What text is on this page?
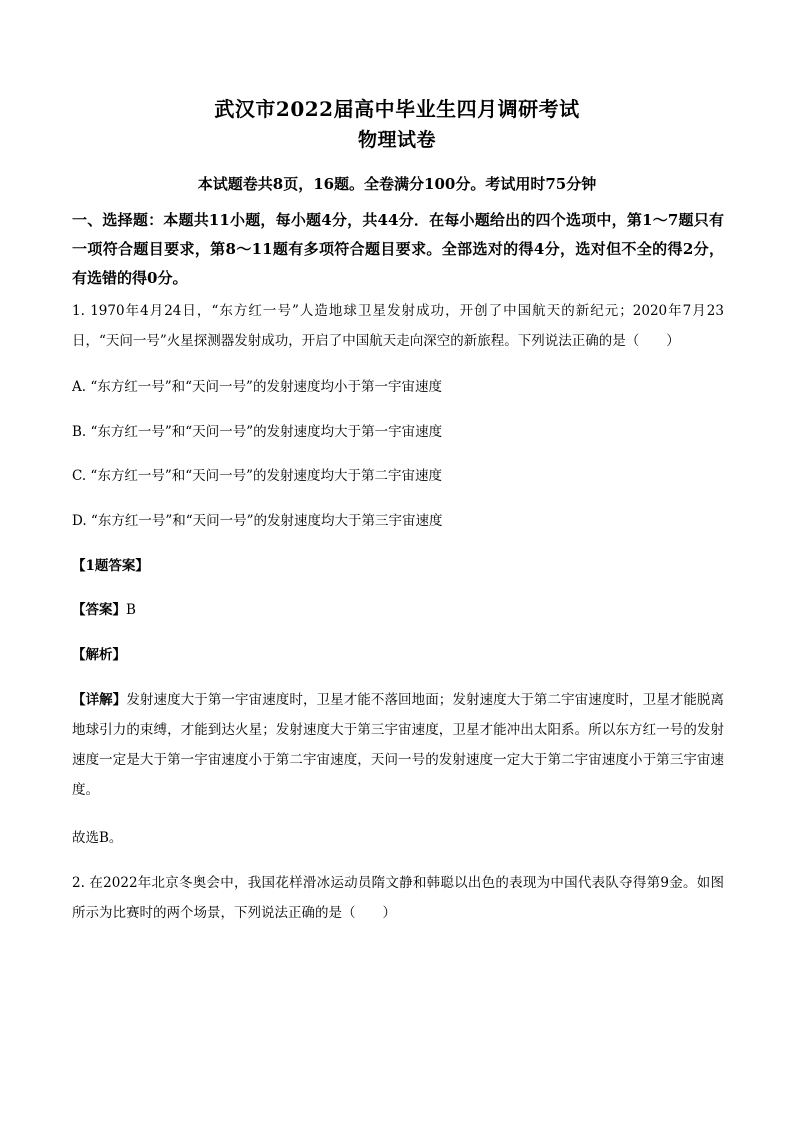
武汉市2022届高中毕业生四月调研考试
物理试卷
本试题卷共8页，16题。全卷满分100分。考试用时75分钟
一、选择题：本题共11小题，每小题4分，共44分．在每小题给出的四个选项中，第1～7题只有一项符合题目要求，第8～11题有多项符合题目要求。全部选对的得4分，选对但不全的得2分，有选错的得0分。
1. 1970年4月24日，“东方红一号”人造地球卫星发射成功，开创了中国航天的新纪元；2020年7月23日，“天问一号”火星探测器发射成功，开启了中国航天走向深空的新旅程。下列说法正确的是（　　）
A. “东方红一号”和“天问一号”的发射速度均小于第一宇宙速度
B. “东方红一号”和“天问一号”的发射速度均大于第一宇宙速度
C. “东方红一号”和“天问一号”的发射速度均大于第二宇宙速度
D. “东方红一号”和“天问一号”的发射速度均大于第三宇宙速度
【1题答案】
【答案】B
【解析】
【详解】发射速度大于第一宇宙速度时，卫星才能不落回地面；发射速度大于第二宇宙速度时，卫星才能脱离地球引力的束缚，才能到达火星；发射速度大于第三宇宙速度，卫星才能冲出太阳系。所以东方红一号的发射速度一定是大于第一宇宙速度小于第二宇宙速度，天问一号的发射速度一定大于第二宇宙速度小于第三宇宙速度。
故选B。
2. 在2022年北京冬奥会中，我国花样滑冰运动员隋文静和韩聪以出色的表现为中国代表队夺得第9金。如图所示为比赛时的两个场景，下列说法正确的是（　　）
